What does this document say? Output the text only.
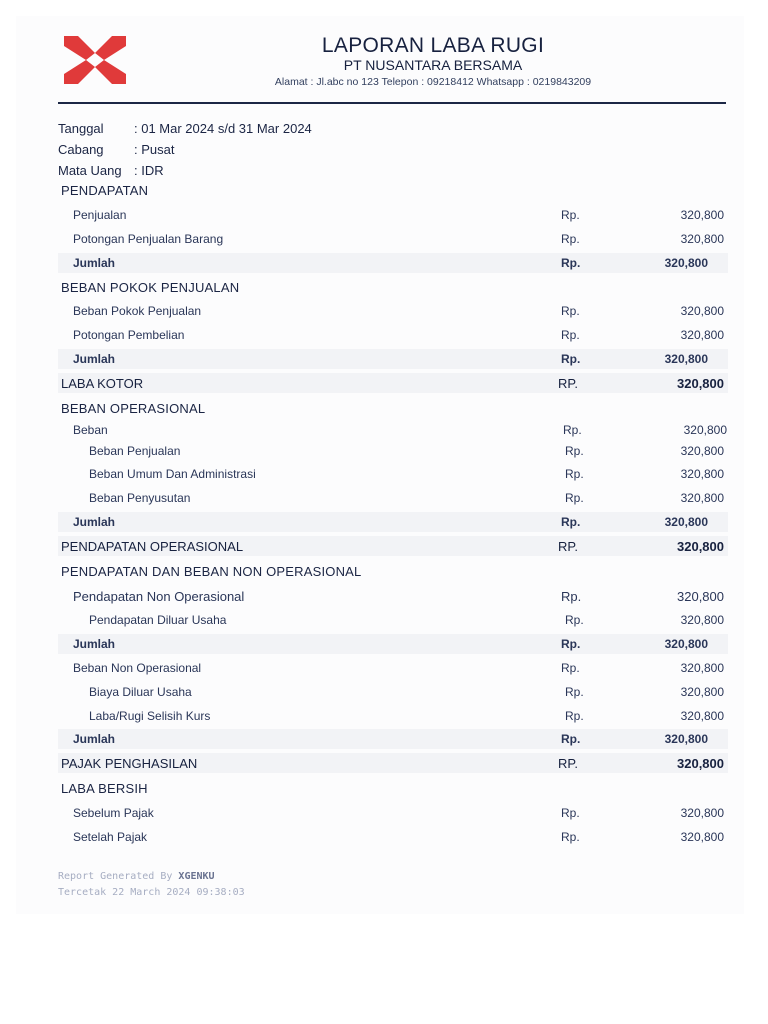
LAPORAN LABA RUGI
PT NUSANTARA BERSAMA
Alamat : Jl.abc no 123 Telepon : 09218412 Whatsapp : 0219843209
Tanggal	: 01 Mar 2024 s/d 31 Mar 2024
Cabang	: Pusat
Mata Uang : IDR
PENDAPATAN
Penjualan	Rp.	320,800
Potongan Penjualan Barang	Rp.	320,800
Jumlah	Rp.	320,800
BEBAN POKOK PENJUALAN
Beban Pokok Penjualan	Rp.	320,800
Potongan Pembelian	Rp.	320,800
Jumlah	Rp.	320,800
LABA KOTOR	RP.	320,800
BEBAN OPERASIONAL
Beban	Rp.	320,800
Beban Penjualan	Rp.	320,800
Beban Umum Dan Administrasi	Rp.	320,800
Beban Penyusutan	Rp.	320,800
Jumlah	Rp.	320,800
PENDAPATAN OPERASIONAL	RP.	320,800
PENDAPATAN DAN BEBAN NON OPERASIONAL
Pendapatan Non Operasional	Rp.	320,800
Pendapatan Diluar Usaha	Rp.	320,800
Jumlah	Rp.	320,800
Beban Non Operasional	Rp.	320,800
Biaya Diluar Usaha	Rp.	320,800
Laba/Rugi Selisih Kurs	Rp.	320,800
Jumlah	Rp.	320,800
PAJAK PENGHASILAN	RP.	320,800
LABA BERSIH
Sebelum Pajak	Rp.	320,800
Setelah Pajak	Rp.	320,800
Report Generated By XGENKU
Tercetak 22 March 2024 09:38:03
